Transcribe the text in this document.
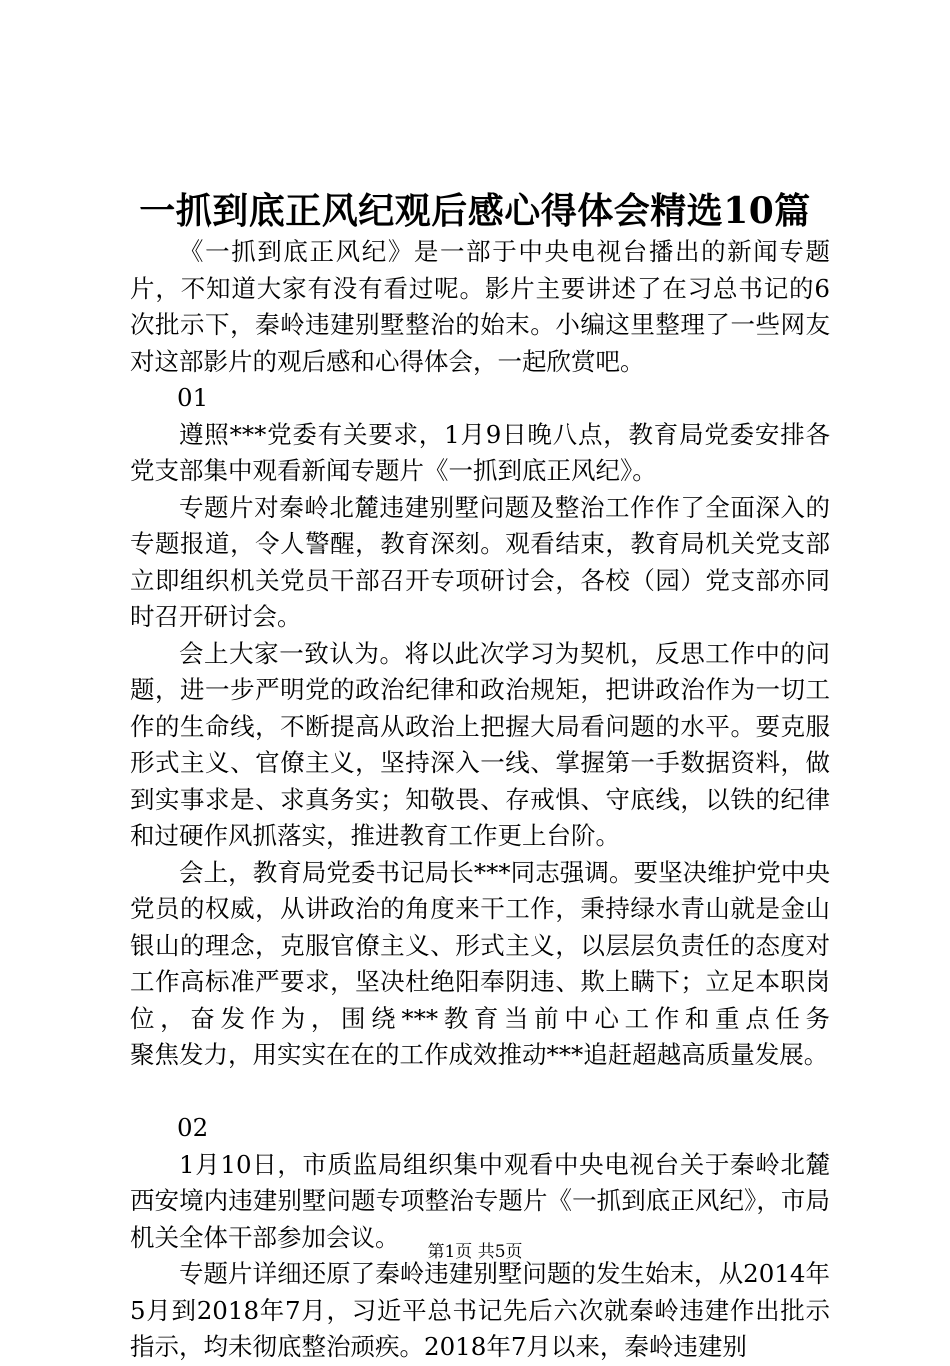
一抓到底正风纪观后感心得体会精选10篇

《一抓到底正风纪》是一部于中央电视台播出的新闻专题片，不知道大家有没有看过呢。影片主要讲述了在习总书记的6次批示下，秦岭违建别墅整治的始末。小编这里整理了一些网友对这部影片的观后感和心得体会，一起欣赏吧。

01

遵照***党委有关要求，1月9日晚八点，教育局党委安排各党支部集中观看新闻专题片《一抓到底正风纪》。

专题片对秦岭北麓违建别墅问题及整治工作作了全面深入的专题报道，令人警醒，教育深刻。观看结束，教育局机关党支部立即组织机关党员干部召开专项研讨会，各校（园）党支部亦同时召开研讨会。

会上大家一致认为。将以此次学习为契机，反思工作中的问题，进一步严明党的政治纪律和政治规矩，把讲政治作为一切工作的生命线，不断提高从政治上把握大局看问题的水平。要克服形式主义、官僚主义，坚持深入一线、掌握第一手数据资料，做到实事求是、求真务实；知敬畏、存戒惧、守底线，以铁的纪律和过硬作风抓落实，推进教育工作更上台阶。

会上，教育局党委书记局长***同志强调。要坚决维护党中央党员的权威，从讲政治的角度来干工作，秉持绿水青山就是金山银山的理念，克服官僚主义、形式主义，以层层负责任的态度对工作高标准严要求，坚决杜绝阳奉阴违、欺上瞒下；立足本职岗位，奋发作为，围绕***教育当前中心工作和重点任务聚焦发力，用实实在在的工作成效推动***追赶超越高质量发展。

02

1月10日，市质监局组织集中观看中央电视台关于秦岭北麓西安境内违建别墅问题专项整治专题片《一抓到底正风纪》，市局机关全体干部参加会议。

专题片详细还原了秦岭违建别墅问题的发生始末，从2014年5月到2018年7月，习近平总书记先后六次就秦岭违建作出批示指示，均未彻底整治顽疾。2018年7月以来，秦岭违建别

第1页 共5页
